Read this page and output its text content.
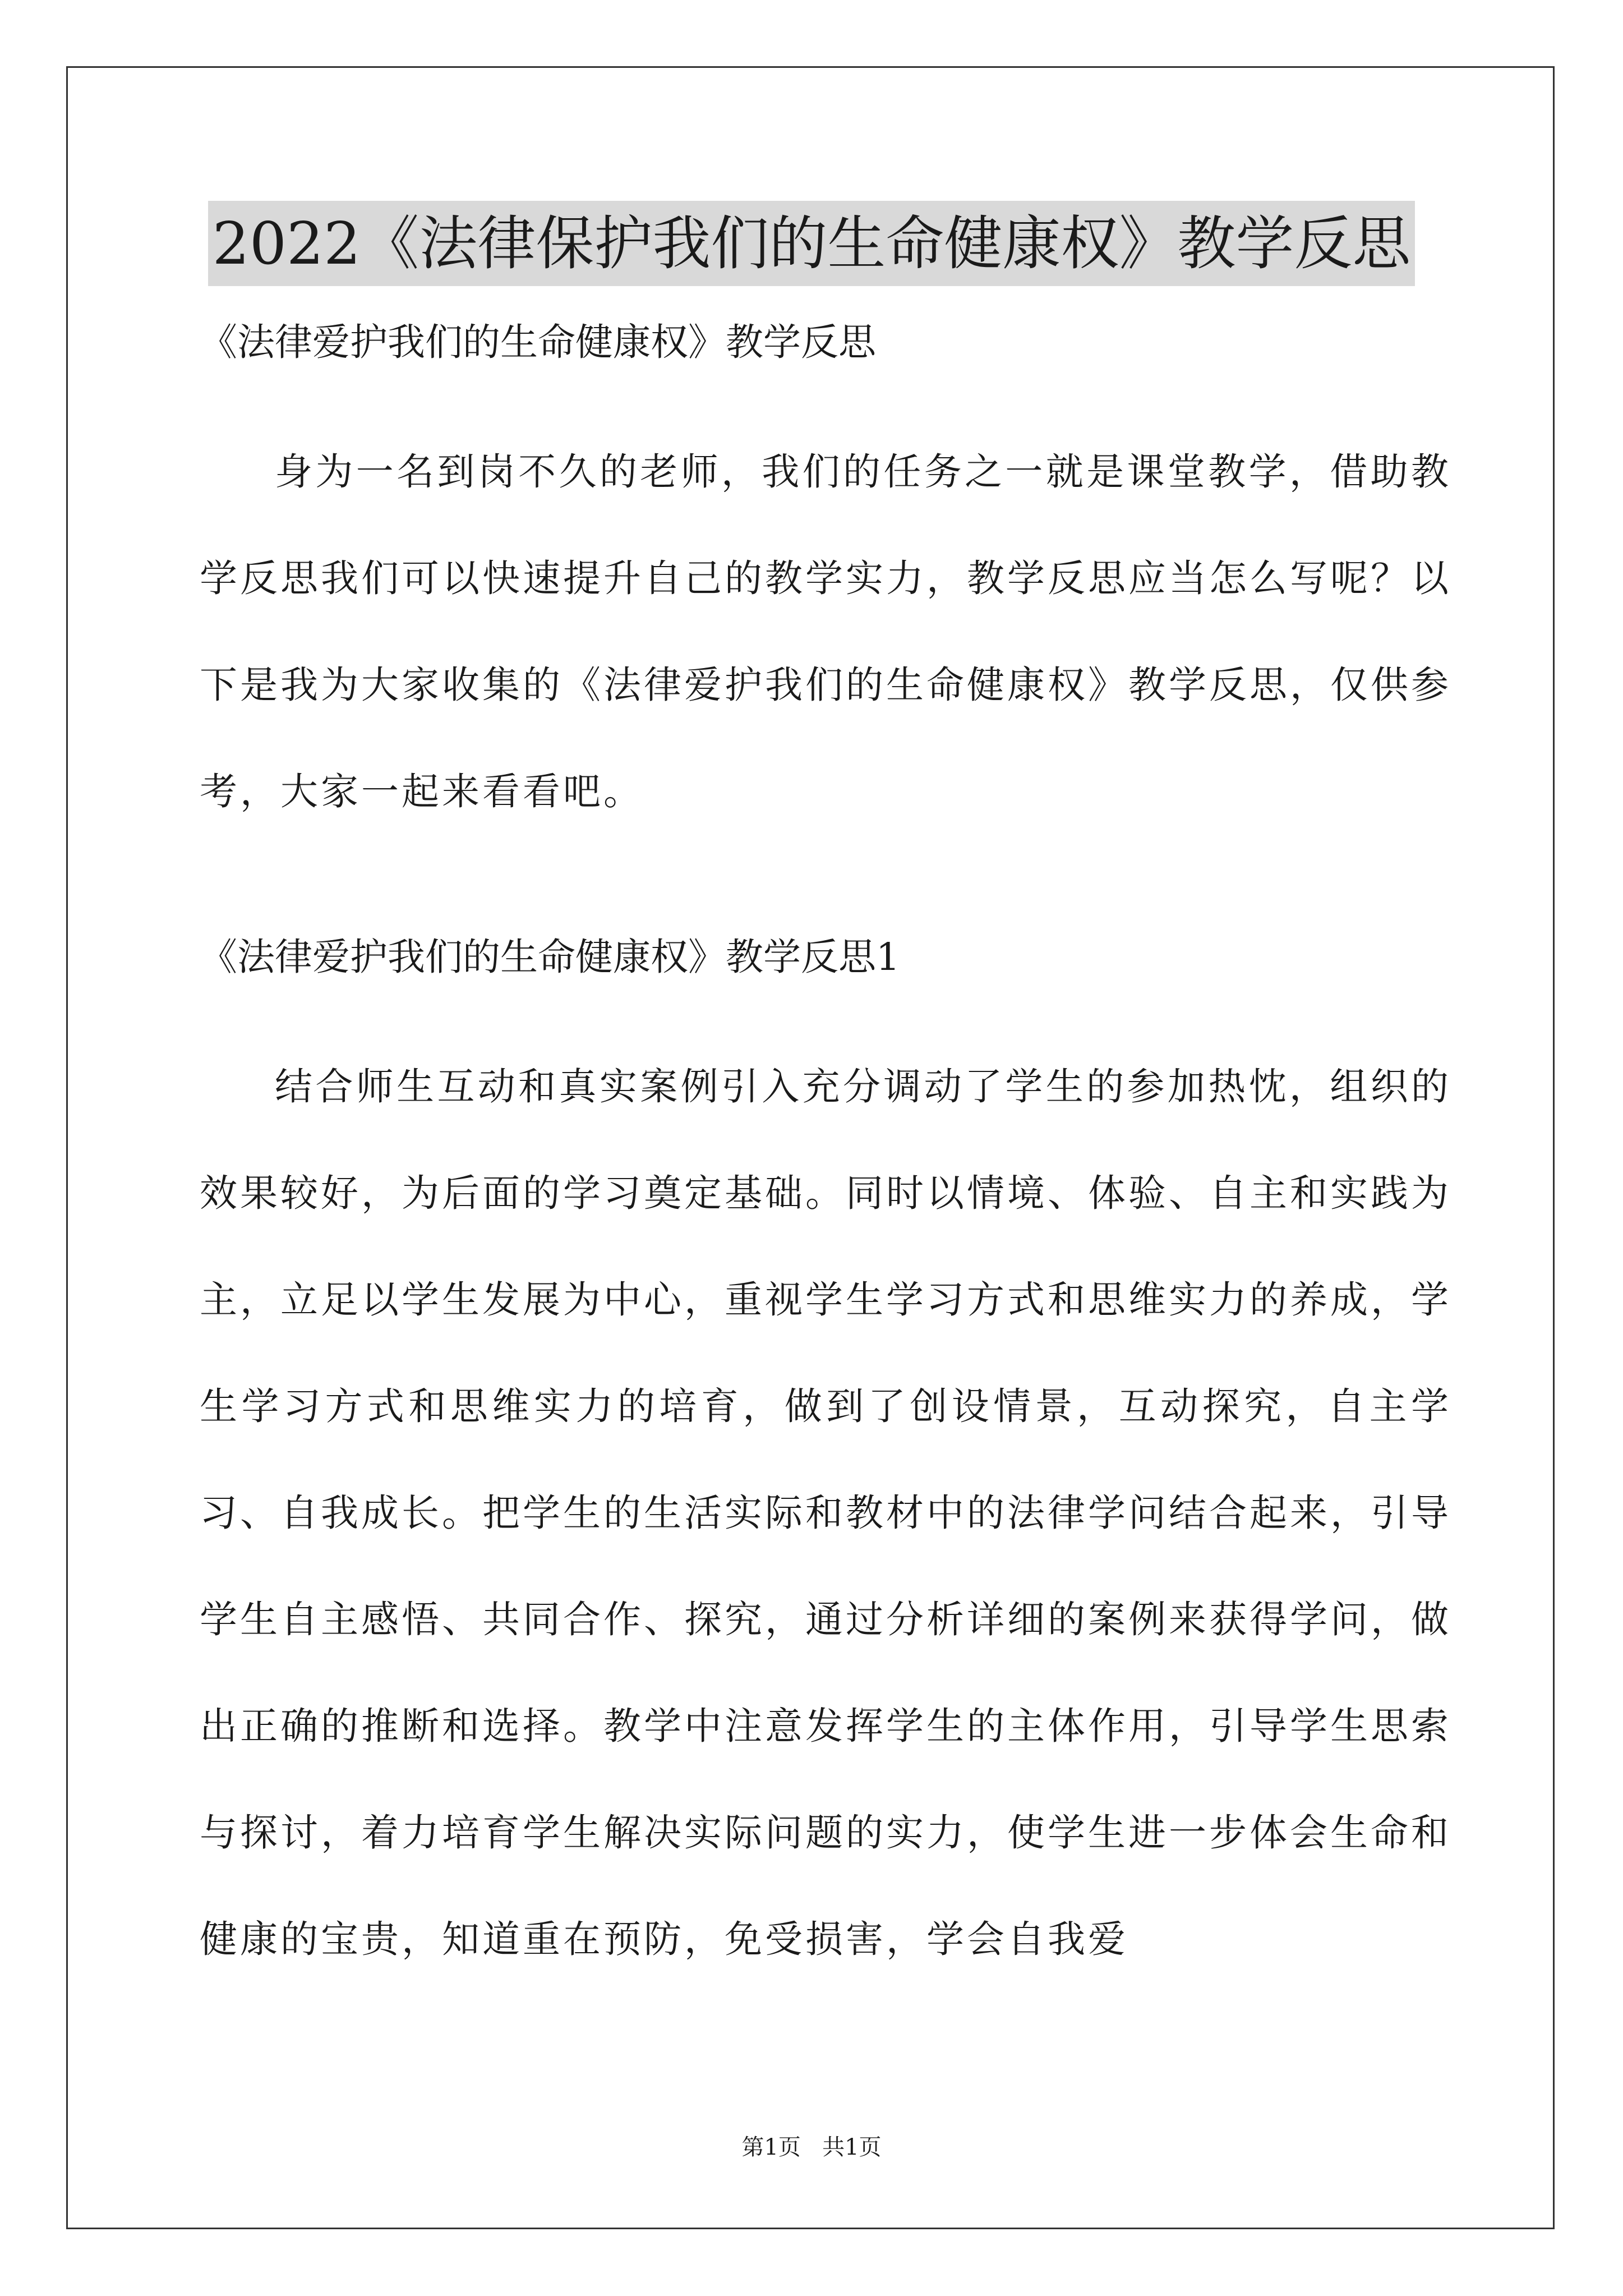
2022《法律保护我们的生命健康权》教学反思

《法律爱护我们的生命健康权》教学反思

身为一名到岗不久的老师，我们的任务之一就是课堂教学，借助教学反思我们可以快速提升自己的教学实力，教学反思应当怎么写呢？以下是我为大家收集的《法律爱护我们的生命健康权》教学反思，仅供参考，大家一起来看看吧。

《法律爱护我们的生命健康权》教学反思1

结合师生互动和真实案例引入充分调动了学生的参加热忱，组织的效果较好，为后面的学习奠定基础。同时以情境、体验、自主和实践为主，立足以学生发展为中心，重视学生学习方式和思维实力的养成，学生学习方式和思维实力的培育，做到了创设情景，互动探究，自主学习、自我成长。把学生的生活实际和教材中的法律学问结合起来，引导学生自主感悟、共同合作、探究，通过分析详细的案例来获得学问，做出正确的推断和选择。教学中注意发挥学生的主体作用，引导学生思索与探讨，着力培育学生解决实际问题的实力，使学生进一步体会生命和健康的宝贵，知道重在预防，免受损害，学会自我爱

第1页 共1页
